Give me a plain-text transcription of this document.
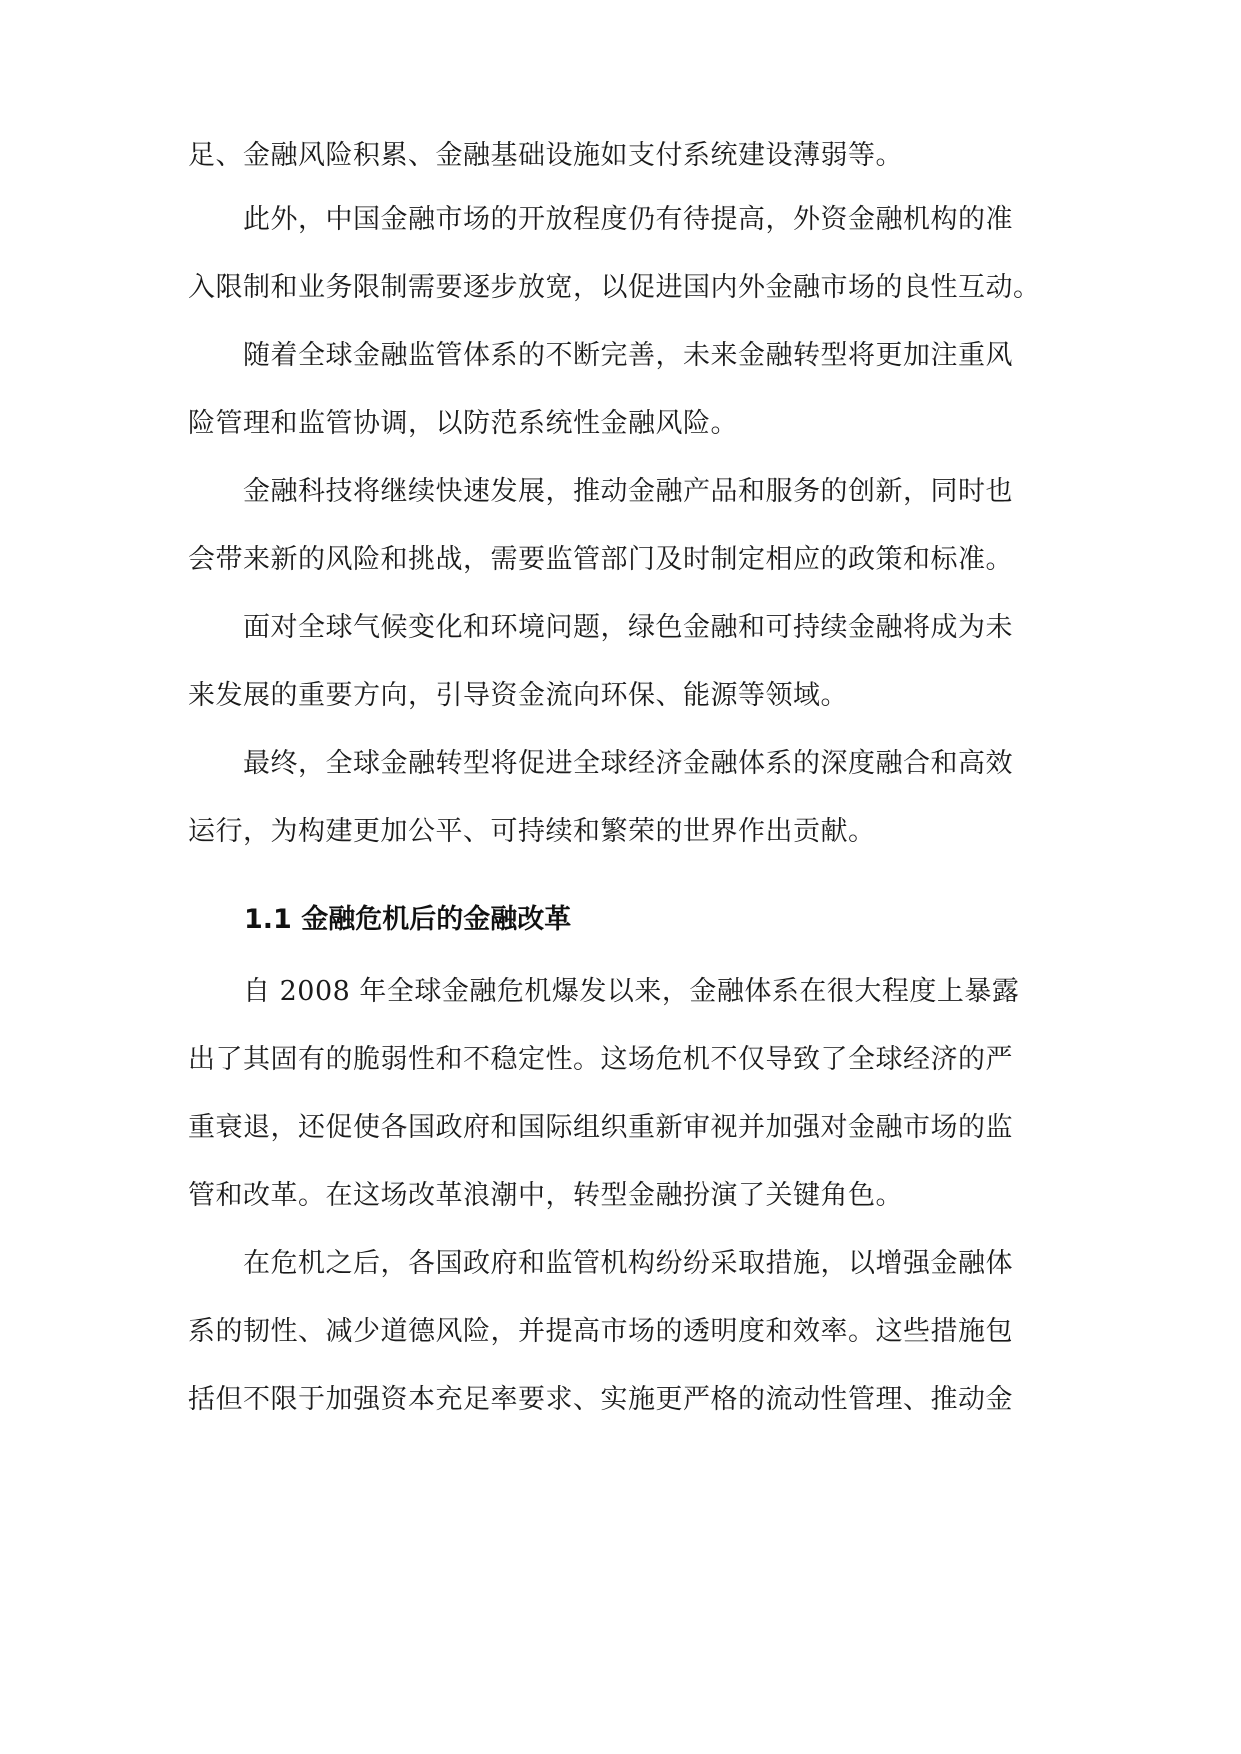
足、金融风险积累、金融基础设施如支付系统建设薄弱等。
　　此外，中国金融市场的开放程度仍有待提高，外资金融机构的准
入限制和业务限制需要逐步放宽，以促进国内外金融市场的良性互动。
　　随着全球金融监管体系的不断完善，未来金融转型将更加注重风
险管理和监管协调，以防范系统性金融风险。
　　金融科技将继续快速发展，推动金融产品和服务的创新，同时也
会带来新的风险和挑战，需要监管部门及时制定相应的政策和标准。
　　面对全球气候变化和环境问题，绿色金融和可持续金融将成为未
来发展的重要方向，引导资金流向环保、能源等领域。
　　最终，全球金融转型将促进全球经济金融体系的深度融合和高效
运行，为构建更加公平、可持续和繁荣的世界作出贡献。
1.1 金融危机后的金融改革
　　自 2008 年全球金融危机爆发以来，金融体系在很大程度上暴露
出了其固有的脆弱性和不稳定性。这场危机不仅导致了全球经济的严
重衰退，还促使各国政府和国际组织重新审视并加强对金融市场的监
管和改革。在这场改革浪潮中，转型金融扮演了关键角色。
　　在危机之后，各国政府和监管机构纷纷采取措施，以增强金融体
系的韧性、减少道德风险，并提高市场的透明度和效率。这些措施包
括但不限于加强资本充足率要求、实施更严格的流动性管理、推动金
